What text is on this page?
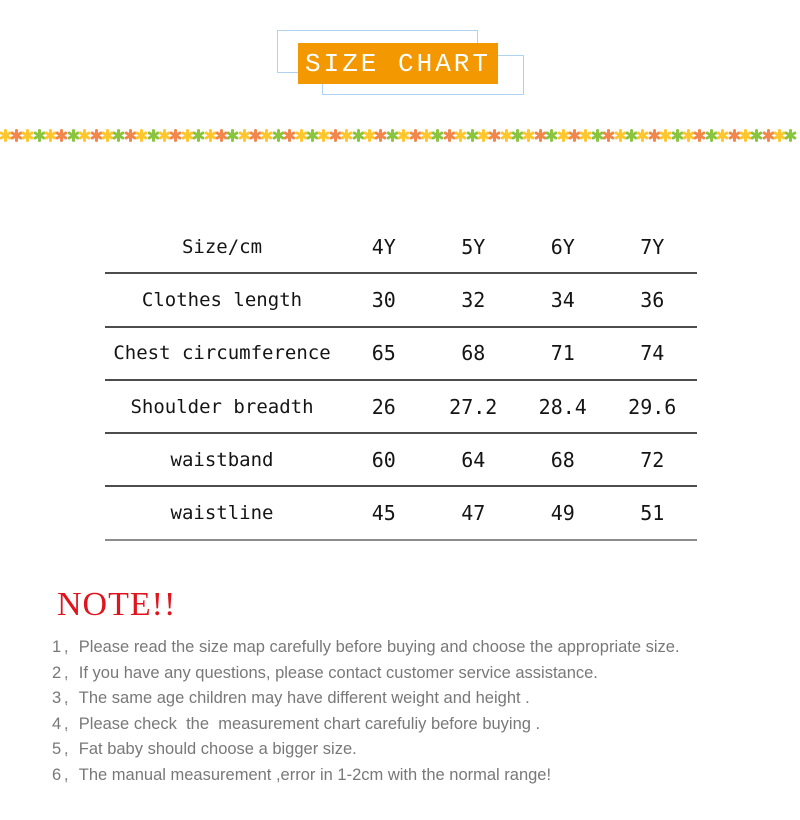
SIZE CHART
Size/cm	4Y	5Y	6Y	7Y
Clothes length	30	32	34	36
Chest circumference	65	68	71	74
Shoulder breadth	26	27.2	28.4	29.6
waistband	60	64	68	72
waistline	45	47	49	51
NOTE!!
1 , Please read the size map carefully before buying and choose the appropriate size.
2 , If you have any questions, please contact customer service assistance.
3 , The same age children may have different weight and height .
4 , Please check  the  measurement chart carefuliy before buying .
5 , Fat baby should choose a bigger size.
6 , The manual measurement ,error in 1-2cm with the normal range!
